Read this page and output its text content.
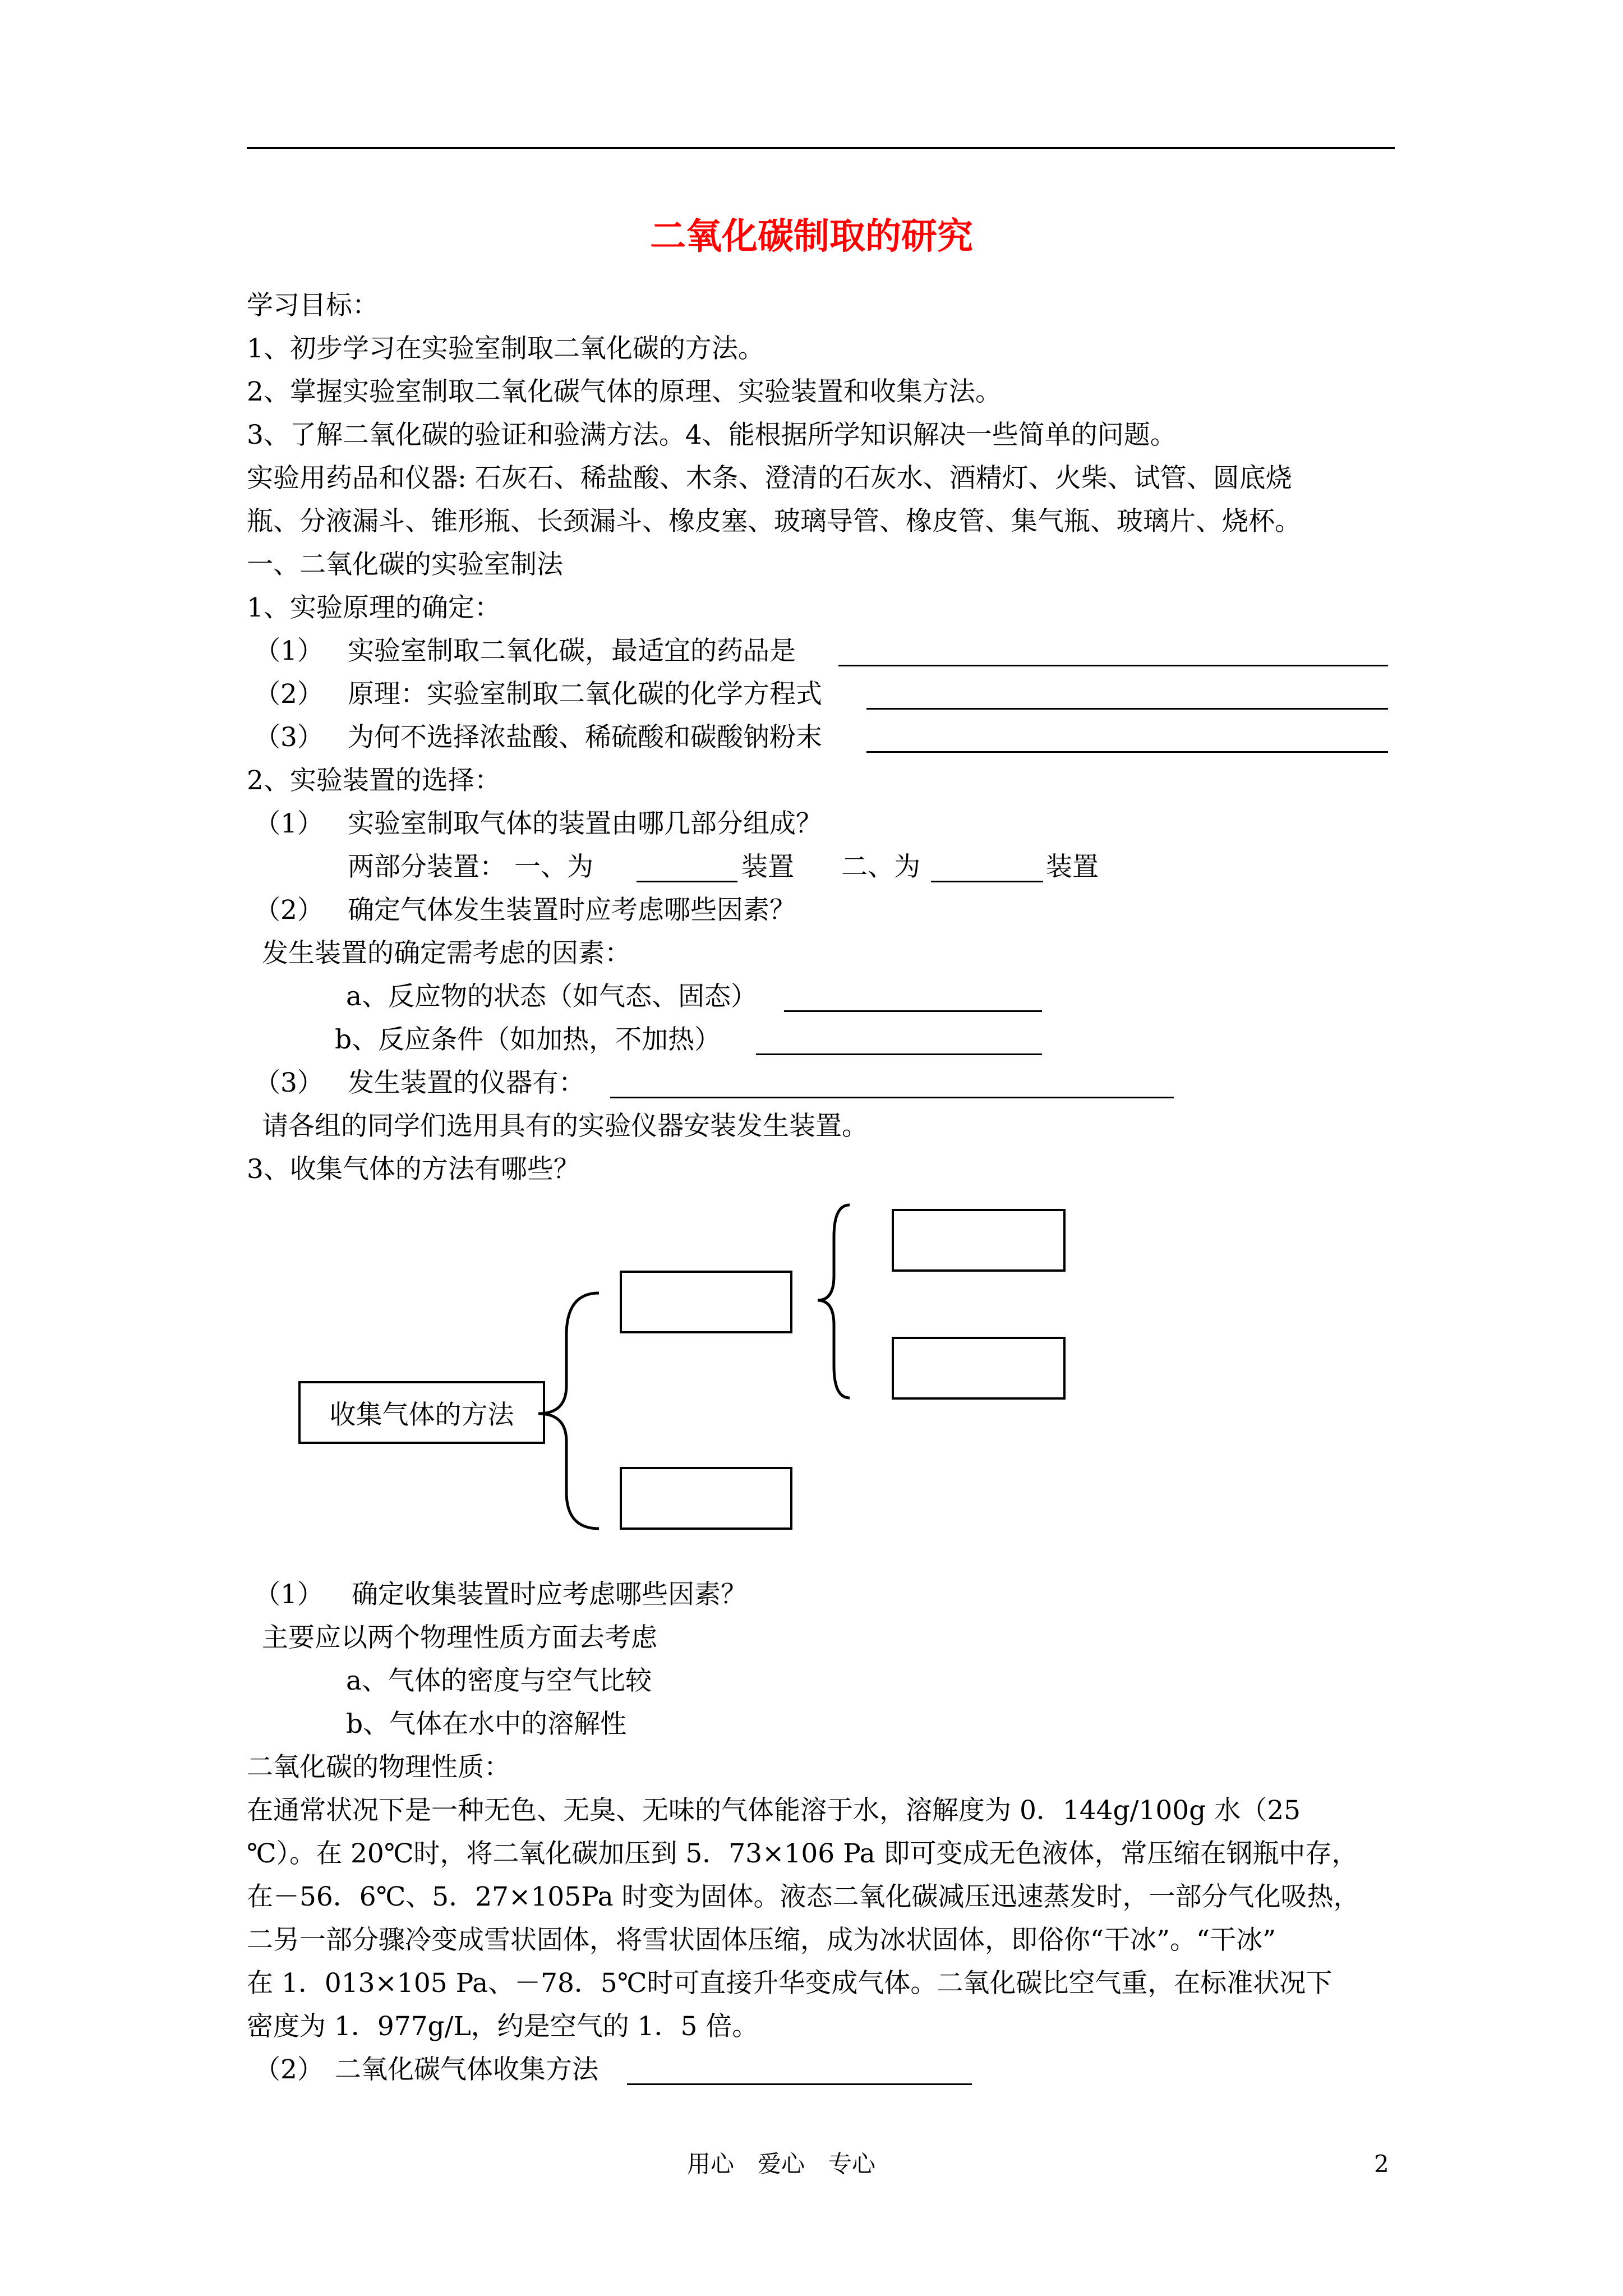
二氧化碳制取的研究
学习目标：
1、初步学习在实验室制取二氧化碳的方法。
2、掌握实验室制取二氧化碳气体的原理、实验装置和收集方法。
3、了解二氧化碳的验证和验满方法。4、能根据所学知识解决一些简单的问题。
实验用药品和仪器: 石灰石、稀盐酸、木条、澄清的石灰水、酒精灯、火柴、试管、圆底烧
瓶、分液漏斗、锥形瓶、长颈漏斗、橡皮塞、玻璃导管、橡皮管、集气瓶、玻璃片、烧杯。
一、二氧化碳的实验室制法
1、实验原理的确定：
（1） 实验室制取二氧化碳，最适宜的药品是
（2） 原理：实验室制取二氧化碳的化学方程式
（3） 为何不选择浓盐酸、稀硫酸和碳酸钠粉末
2、实验装置的选择：
（1） 实验室制取气体的装置由哪几部分组成？
两部分装置： 一、为	装置 二、为	装置
（2） 确定气体发生装置时应考虑哪些因素？
发生装置的确定需考虑的因素：
a、反应物的状态（如气态、固态）
b、反应条件（如加热，不加热）
（3） 发生装置的仪器有：
请各组的同学们选用具有的实验仪器安装发生装置。
3、收集气体的方法有哪些？
收集气体的方法
（1） 确定收集装置时应考虑哪些因素？
主要应以两个物理性质方面去考虑
a、气体的密度与空气比较
b、气体在水中的溶解性
二氧化碳的物理性质：
在通常状况下是一种无色、无臭、无味的气体能溶于水，溶解度为 0．144g/100g 水（25
℃）。在 20℃时，将二氧化碳加压到 5．73×106 Pa 即可变成无色液体，常压缩在钢瓶中存，
在－56．6℃、5．27×105Pa 时变为固体。液态二氧化碳减压迅速蒸发时，一部分气化吸热，
二另一部分骤冷变成雪状固体，将雪状固体压缩，成为冰状固体，即俗你“干冰”。“干冰”
在 1．013×105 Pa、－78．5℃时可直接升华变成气体。二氧化碳比空气重，在标准状况下
密度为 1．977g/L，约是空气的 1．5 倍。
（2） 二氧化碳气体收集方法
用心　爱心　专心	2
